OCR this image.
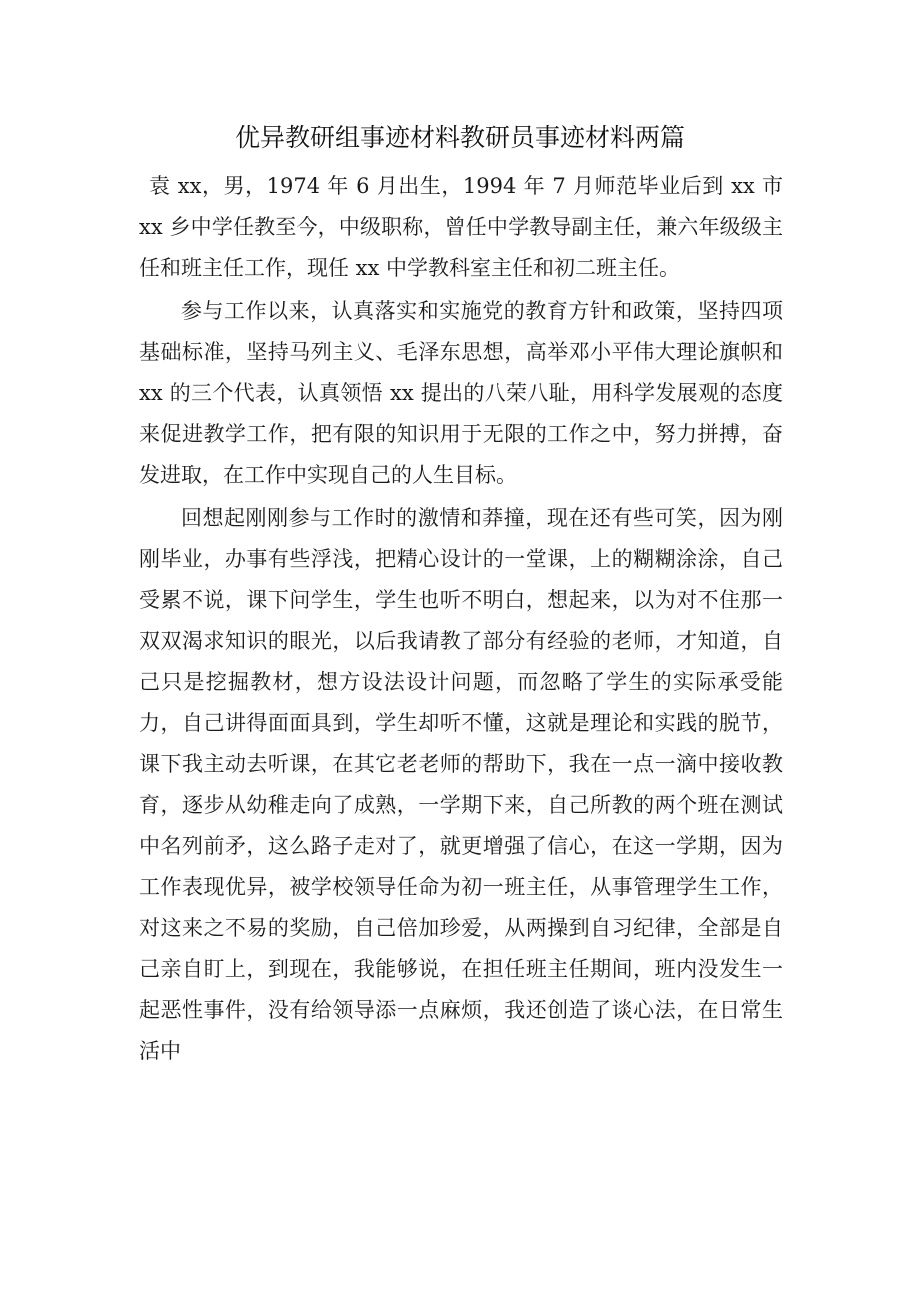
优异教研组事迹材料教研员事迹材料两篇

袁 xx，男，1974 年 6 月出生，1994 年 7 月师范毕业后到 xx 市 xx 乡中学任教至今，中级职称，曾任中学教导副主任，兼六年级级主任和班主任工作，现任 xx 中学教科室主任和初二班主任。

参与工作以来，认真落实和实施党的教育方针和政策，坚持四项基础标准，坚持马列主义、毛泽东思想，高举邓小平伟大理论旗帜和 xx 的三个代表，认真领悟 xx 提出的八荣八耻，用科学发展观的态度来促进教学工作，把有限的知识用于无限的工作之中，努力拼搏，奋发进取，在工作中实现自己的人生目标。

回想起刚刚参与工作时的激情和莽撞，现在还有些可笑，因为刚刚毕业，办事有些浮浅，把精心设计的一堂课，上的糊糊涂涂，自己受累不说，课下问学生，学生也听不明白，想起来，以为对不住那一双双渴求知识的眼光，以后我请教了部分有经验的老师，才知道，自己只是挖掘教材，想方设法设计问题，而忽略了学生的实际承受能力，自己讲得面面具到，学生却听不懂，这就是理论和实践的脱节，课下我主动去听课，在其它老老师的帮助下，我在一点一滴中接收教育，逐步从幼稚走向了成熟，一学期下来，自己所教的两个班在测试中名列前矛，这么路子走对了，就更增强了信心，在这一学期，因为工作表现优异，被学校领导任命为初一班主任，从事管理学生工作，对这来之不易的奖励，自己倍加珍爱，从两操到自习纪律，全部是自己亲自盯上，到现在，我能够说，在担任班主任期间，班内没发生一起恶性事件，没有给领导添一点麻烦，我还创造了谈心法，在日常生活中
